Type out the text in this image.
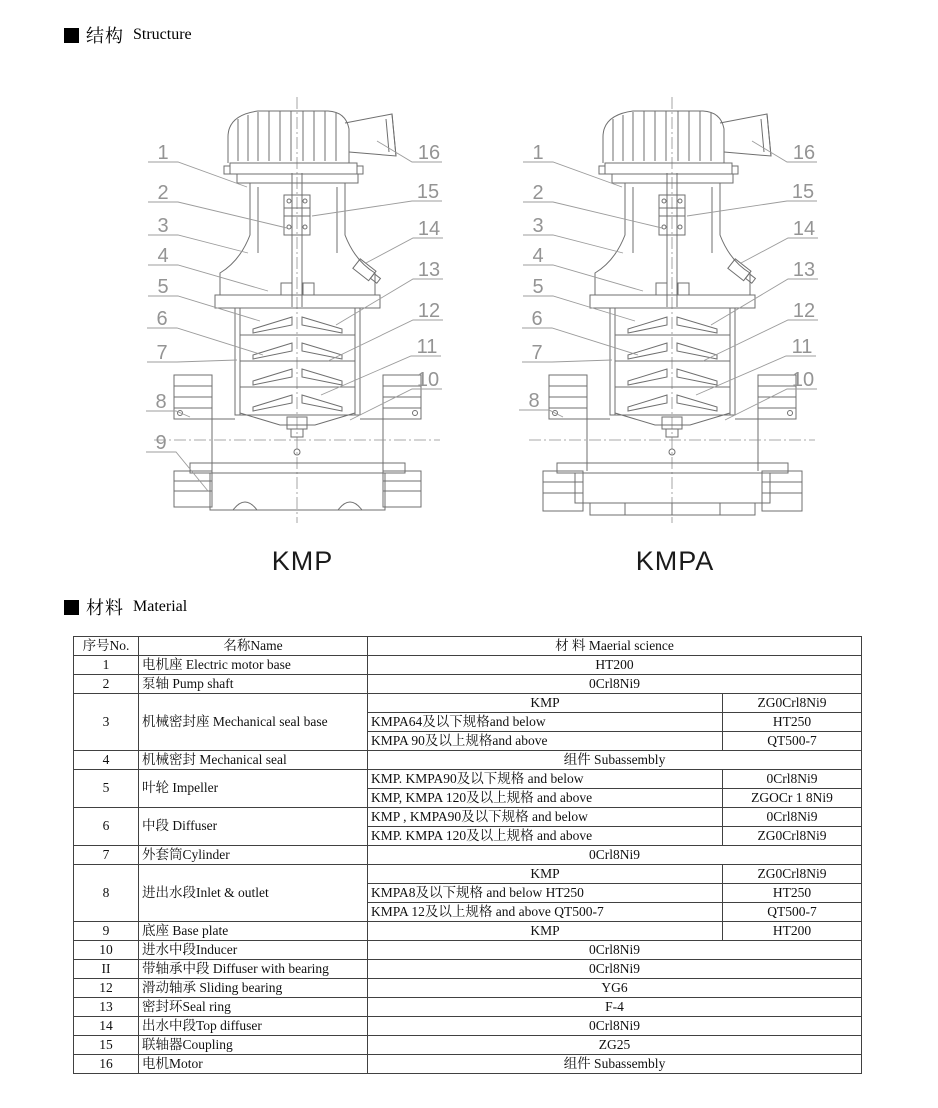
结构 Structure
1
2
3
4
5
6
7
8
9
16
15
14
13
12
11
10
1
2
3
4
5
6
7
8
16
15
14
13
12
11
10
KMP	KMPA
材料 Material
序号No.	名称Name	材 料 Maerial science	
1	电机座 Electric motor base	HT200	
2	泵轴 Pump shaft	0Crl8Ni9	
3	机械密封座 Mechanical seal base	KMP	ZG0Crl8Ni9
		KMPA64及以下规格and below	HT250
		KMPA 90及以上规格and above	QT500-7
4	机械密封 Mechanical seal	组件 Subassembly	
5	叶轮 Impeller	KMP. KMPA90及以下规格 and below	0Crl8Ni9
		KMP, KMPA 120及以上规格 and above	ZGOCr 1 8Ni9
6	中段 Diffuser	KMP , KMPA90及以下规格 and below	0Crl8Ni9
		KMP. KMPA 120及以上规格 and above	ZG0Crl8Ni9
7	外套筒Cylinder	0Crl8Ni9	
8	进出水段Inlet & outlet	KMP	ZG0Crl8Ni9
		KMPA8及以下规格 and below HT250	HT250
		KMPA 12及以上规格 and above QT500-7	QT500-7
9	底座 Base plate	KMP	HT200
10	进水中段Inducer	0Crl8Ni9	
II	带轴承中段 Diffuser with bearing	0Crl8Ni9	
12	滑动轴承 Sliding bearing	YG6	
13	密封环Seal ring	F-4	
14	出水中段Top diffuser	0Crl8Ni9	
15	联轴器Coupling	ZG25	
16	电机Motor	组件 Subassembly	
